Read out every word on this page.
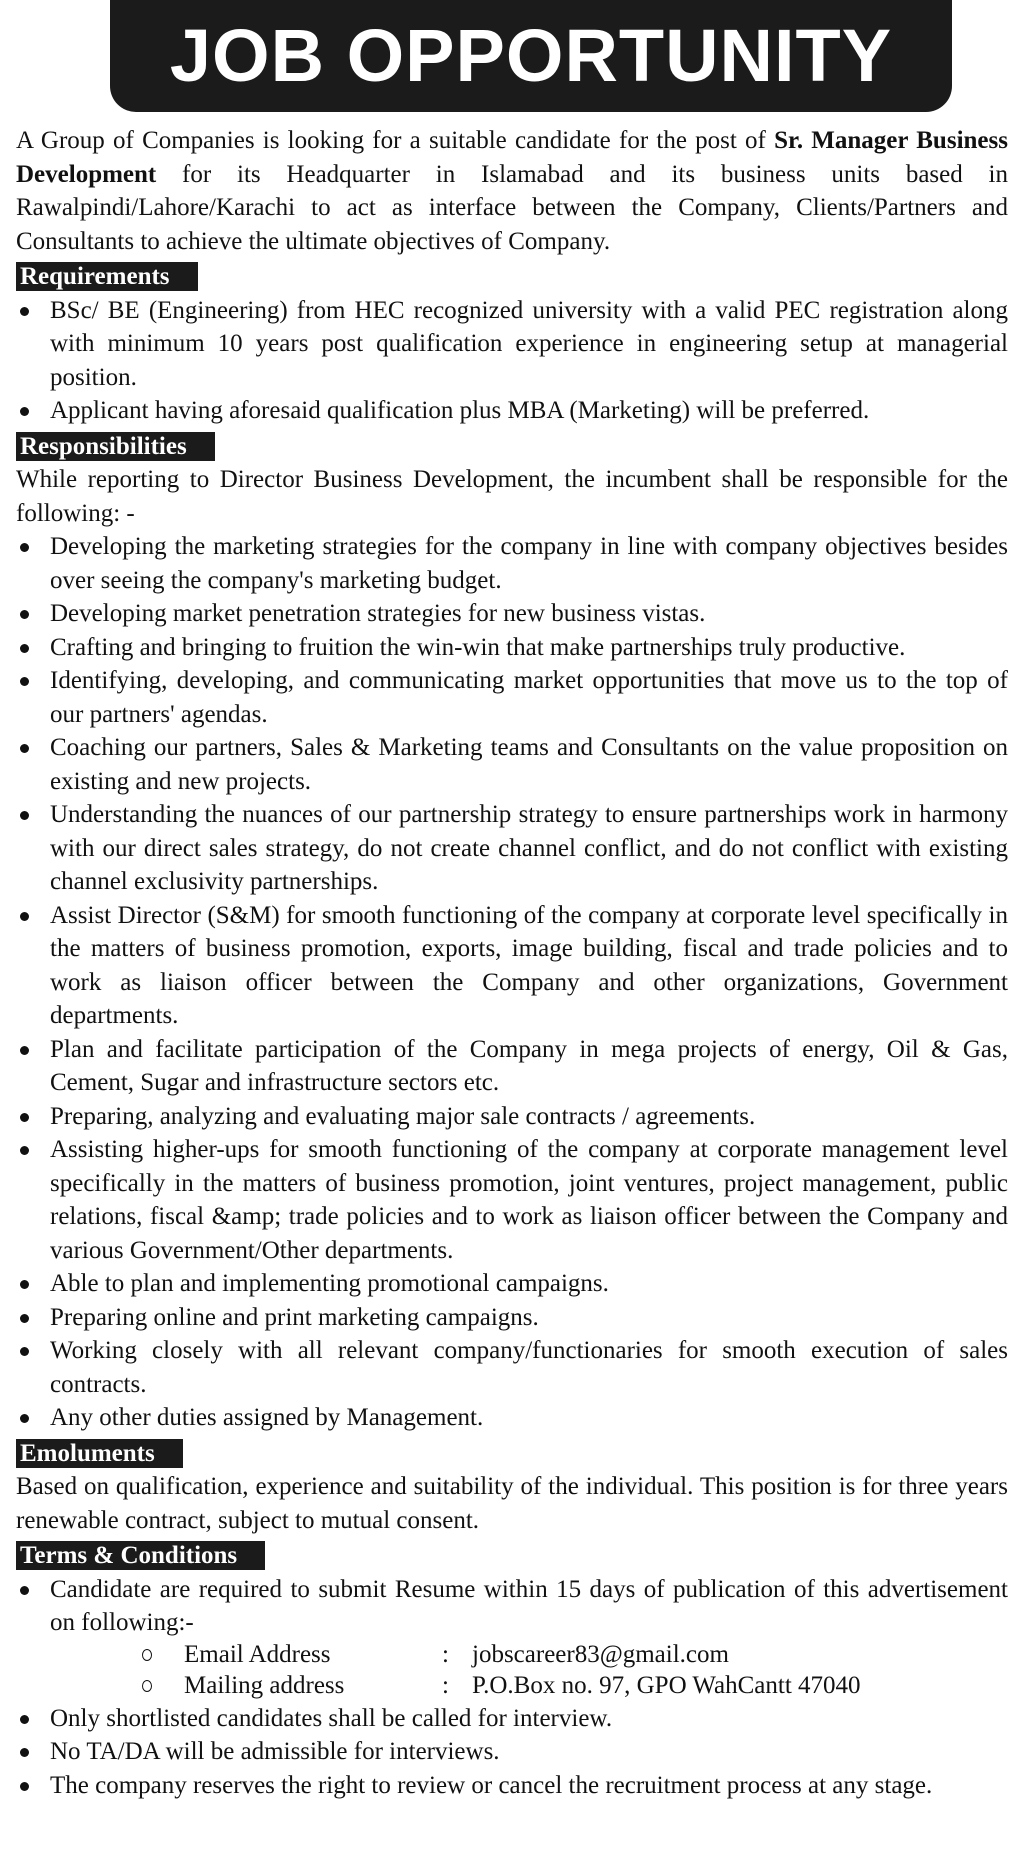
JOB OPPORTUNITY

A Group of Companies is looking for a suitable candidate for the post of Sr. Manager Business Development for its Headquarter in Islamabad and its business units based in Rawalpindi/Lahore/Karachi to act as interface between the Company, Clients/Partners and Consultants to achieve the ultimate objectives of Company.

Requirements
BSc/ BE (Engineering) from HEC recognized university with a valid PEC registration along with minimum 10 years post qualification experience in engineering setup at managerial position.
Applicant having aforesaid qualification plus MBA (Marketing) will be preferred.
Responsibilities

While reporting to Director Business Development, the incumbent shall be responsible for the following: -

Developing the marketing strategies for the company in line with company objectives besides over seeing the company's marketing budget.
Developing market penetration strategies for new business vistas.
Crafting and bringing to fruition the win-win that make partnerships truly productive.
Identifying, developing, and communicating market opportunities that move us to the top of our partners' agendas.
Coaching our partners, Sales & Marketing teams and Consultants on the value proposition on existing and new projects.
Understanding the nuances of our partnership strategy to ensure partnerships work in harmony with our direct sales strategy, do not create channel conflict, and do not conflict with existing channel exclusivity partnerships.
Assist Director (S&M) for smooth functioning of the company at corporate level specifically in the matters of business promotion, exports, image building, fiscal and trade policies and to work as liaison officer between the Company and other organizations, Government departments.
Plan and facilitate participation of the Company in mega projects of energy, Oil & Gas, Cement, Sugar and infrastructure sectors etc.
Preparing, analyzing and evaluating major sale contracts / agreements.
Assisting higher-ups for smooth functioning of the company at corporate management level specifically in the matters of business promotion, joint ventures, project management, public relations, fiscal &amp; trade policies and to work as liaison officer between the Company and various Government/Other departments.
Able to plan and implementing promotional campaigns.
Preparing online and print marketing campaigns.
Working closely with all relevant company/functionaries for smooth execution of sales contracts.
Any other duties assigned by Management.
Emoluments

Based on qualification, experience and suitability of the individual. This position is for three years renewable contract, subject to mutual consent.

Terms & Conditions
Candidate are required to submit Resume within 15 days of publication of this advertisement on following:-
Email Address	: jobscareer83@gmail.com
Mailing address	: P.O.Box no. 97, GPO WahCantt 47040
Only shortlisted candidates shall be called for interview.
No TA/DA will be admissible for interviews.
The company reserves the right to review or cancel the recruitment process at any stage.
